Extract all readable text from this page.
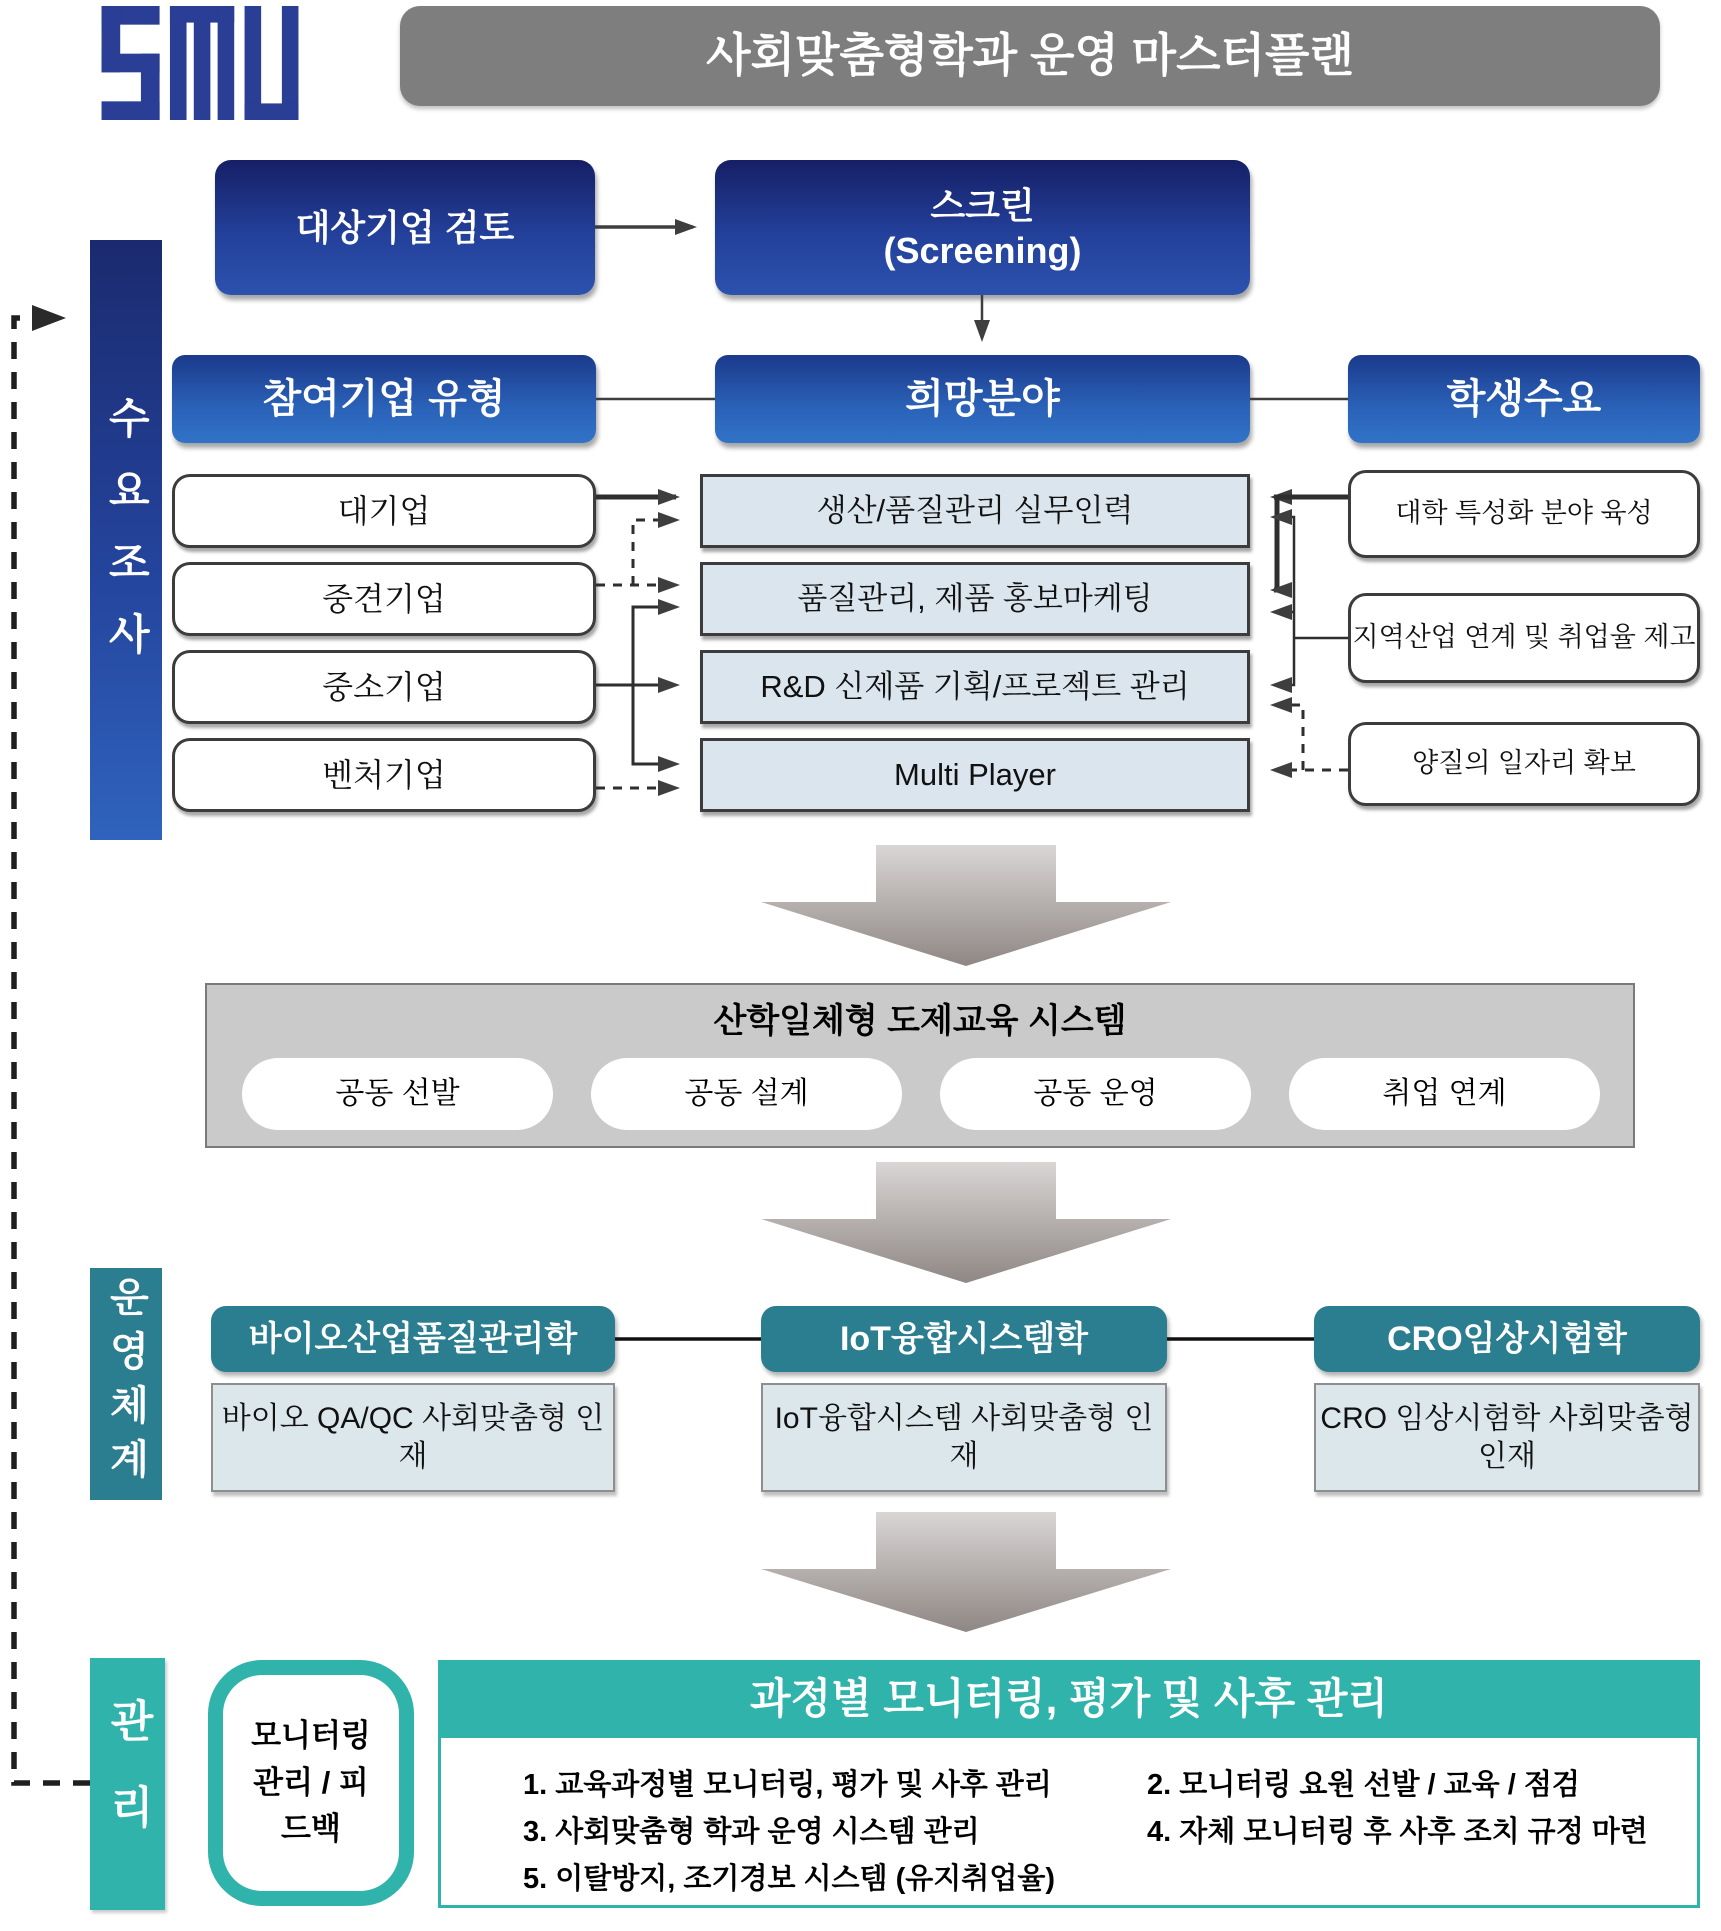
사회맞춤형학과 운영 마스터플랜
수요조사
대상기업 검토
스크린
(Screening)
참여기업 유형	희망분야	학생수요
대기업
중견기업
중소기업
벤처기업
생산/품질관리 실무인력
품질관리, 제품 홍보마케팅
R&D 신제품 기획/프로젝트 관리
Multi Player
대학 특성화 분야 육성
지역산업 연계 및 취업율 제고
양질의 일자리 확보
산학일체형 도제교육 시스템
공동 선발	공동 설계	공동 운영	취업 연계
운영체계	바이오산업품질관리학	IoT융합시스템학	CRO임상시험학
바이오 QA/QC 사회맞춤형 인재
IoT융합시스템 사회맞춤형 인재
CRO 임상시험학 사회맞춤형 인재
관리	모니터링 관리 / 피드백
과정별 모니터링, 평가 및 사후 관리
1. 교육과정별 모니터링, 평가 및 사후 관리
3. 사회맞춤형 학과 운영 시스템 관리
5. 이탈방지, 조기경보 시스템 (유지취업율)
2. 모니터링 요원 선발 / 교육 / 점검
4. 자체 모니터링 후 사후 조치 규정 마련
